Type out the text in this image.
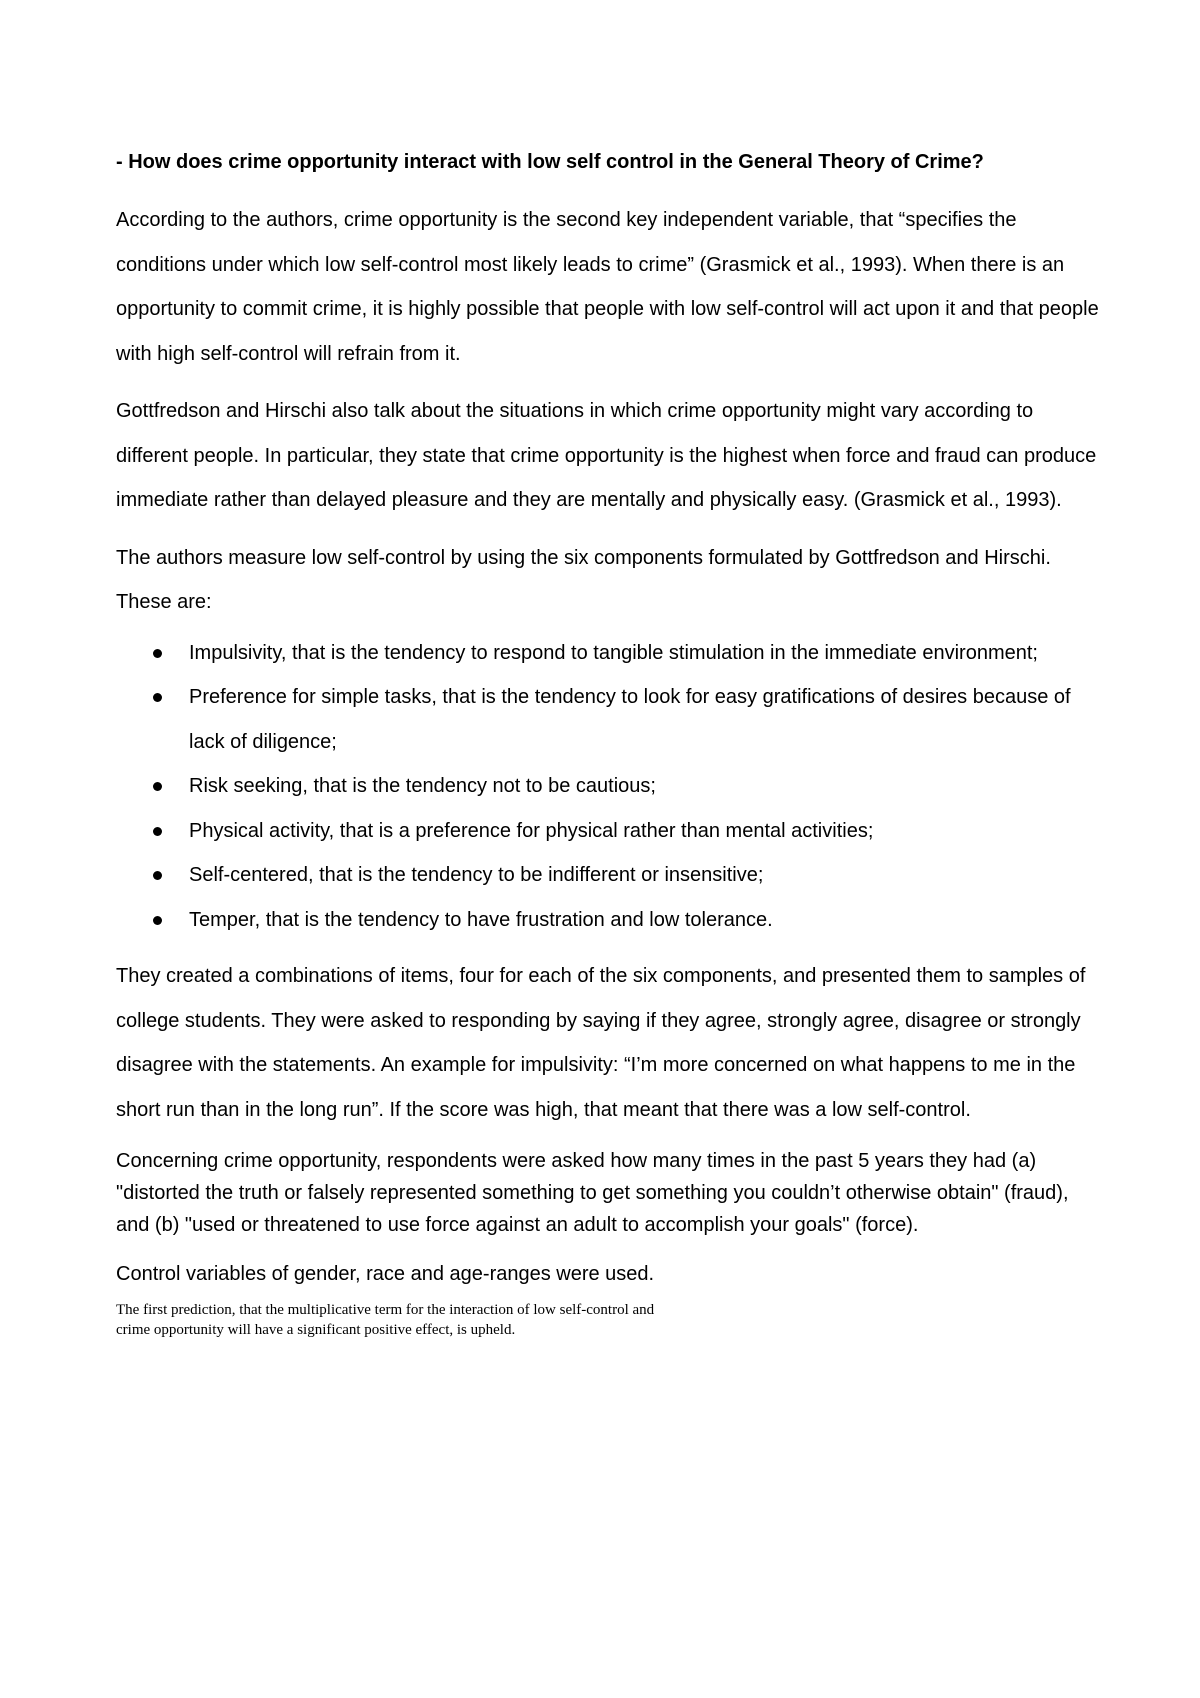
- How does crime opportunity interact with low self control in the General Theory of Crime?

According to the authors, crime opportunity is the second key independent variable, that “specifies the conditions under which low self-control most likely leads to crime” (Grasmick et al., 1993). When there is an opportunity to commit crime, it is highly possible that people with low self-control will act upon it and that people with high self-control will refrain from it.

Gottfredson and Hirschi also talk about the situations in which crime opportunity might vary according to different people. In particular, they state that crime opportunity is the highest when force and fraud can produce immediate rather than delayed pleasure and they are mentally and physically easy. (Grasmick et al., 1993).

The authors measure low self-control by using the six components formulated by Gottfredson and Hirschi. These are:

Impulsivity, that is the tendency to respond to tangible stimulation in the immediate environment;
Preference for simple tasks, that is the tendency to look for easy gratifications of desires because of lack of diligence;
Risk seeking, that is the tendency not to be cautious;
Physical activity, that is a preference for physical rather than mental activities;
Self-centered, that is the tendency to be indifferent or insensitive;
Temper, that is the tendency to have frustration and low tolerance.

They created a combinations of items, four for each of the six components, and presented them to samples of college students. They were asked to responding by saying if they agree, strongly agree, disagree or strongly disagree with the statements. An example for impulsivity: “I’m more concerned on what happens to me in the short run than in the long run”. If the score was high, that meant that there was a low self-control.

Concerning crime opportunity, respondents were asked how many times in the past 5 years they had (a) "distorted the truth or falsely represented something to get something you couldn’t otherwise obtain" (fraud), and (b) "used or threatened to use force against an adult to accomplish your goals" (force).

Control variables of gender, race and age-ranges were used.

The first prediction, that the multiplicative term for the interaction of low self-control and crime opportunity will have a significant positive effect, is upheld.
